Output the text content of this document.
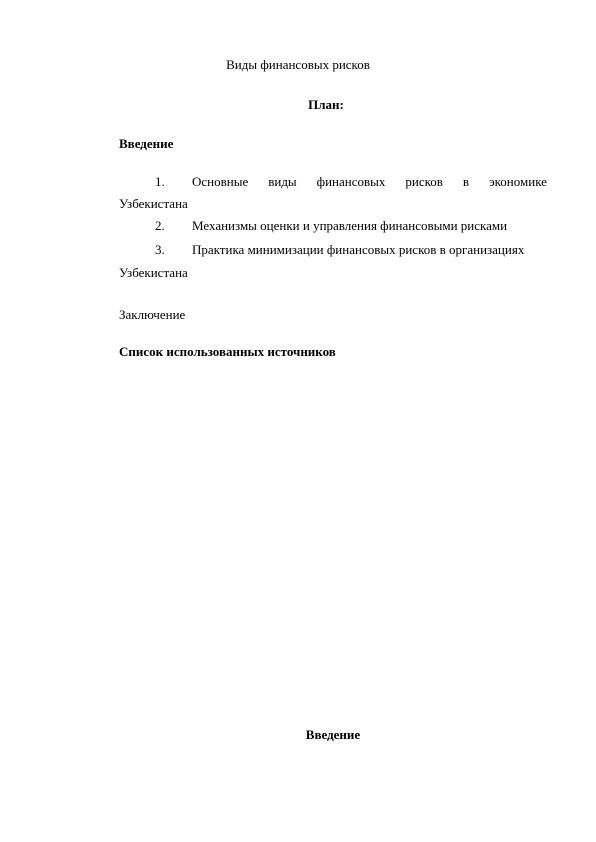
Виды финансовых рисков
План:
Введение
1. Основные виды финансовых рисков в экономике
Узбекистана
2. Механизмы оценки и управления финансовыми рисками
3. Практика минимизации финансовых рисков в организациях
Узбекистана
Заключение
Список использованных источников
Введение
